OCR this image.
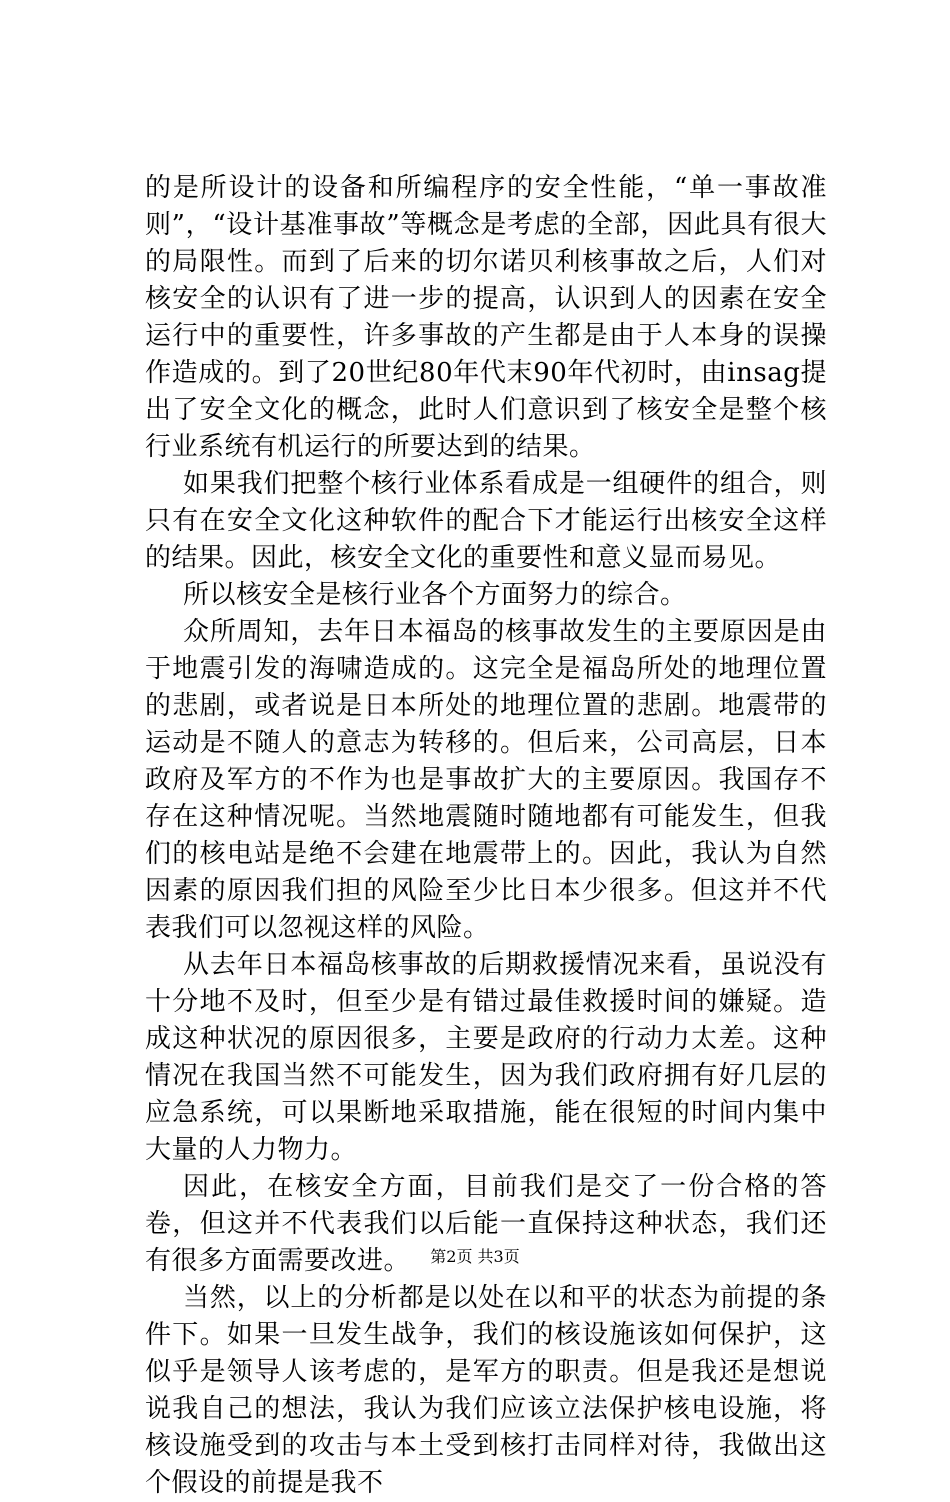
的是所设计的设备和所编程序的安全性能，“单一事故准则”，“设计基准事故”等概念是考虑的全部，因此具有很大的局限性。而到了后来的切尔诺贝利核事故之后，人们对核安全的认识有了进一步的提高，认识到人的因素在安全运行中的重要性，许多事故的产生都是由于人本身的误操作造成的。到了20世纪80年代末90年代初时，由insag提出了安全文化的概念，此时人们意识到了核安全是整个核行业系统有机运行的所要达到的结果。

如果我们把整个核行业体系看成是一组硬件的组合，则只有在安全文化这种软件的配合下才能运行出核安全这样的结果。因此，核安全文化的重要性和意义显而易见。

所以核安全是核行业各个方面努力的综合。

众所周知，去年日本福岛的核事故发生的主要原因是由于地震引发的海啸造成的。这完全是福岛所处的地理位置的悲剧，或者说是日本所处的地理位置的悲剧。地震带的运动是不随人的意志为转移的。但后来，公司高层，日本政府及军方的不作为也是事故扩大的主要原因。我国存不存在这种情况呢。当然地震随时随地都有可能发生，但我们的核电站是绝不会建在地震带上的。因此，我认为自然因素的原因我们担的风险至少比日本少很多。但这并不代表我们可以忽视这样的风险。

从去年日本福岛核事故的后期救援情况来看，虽说没有十分地不及时，但至少是有错过最佳救援时间的嫌疑。造成这种状况的原因很多，主要是政府的行动力太差。这种情况在我国当然不可能发生，因为我们政府拥有好几层的应急系统，可以果断地采取措施，能在很短的时间内集中大量的人力物力。

因此，在核安全方面，目前我们是交了一份合格的答卷，但这并不代表我们以后能一直保持这种状态，我们还有很多方面需要改进。

当然，以上的分析都是以处在以和平的状态为前提的条件下。如果一旦发生战争，我们的核设施该如何保护，这似乎是领导人该考虑的，是军方的职责。但是我还是想说说我自己的想法，我认为我们应该立法保护核电设施，将核设施受到的攻击与本土受到核打击同样对待，我做出这个假设的前提是我不

第2页 共3页
